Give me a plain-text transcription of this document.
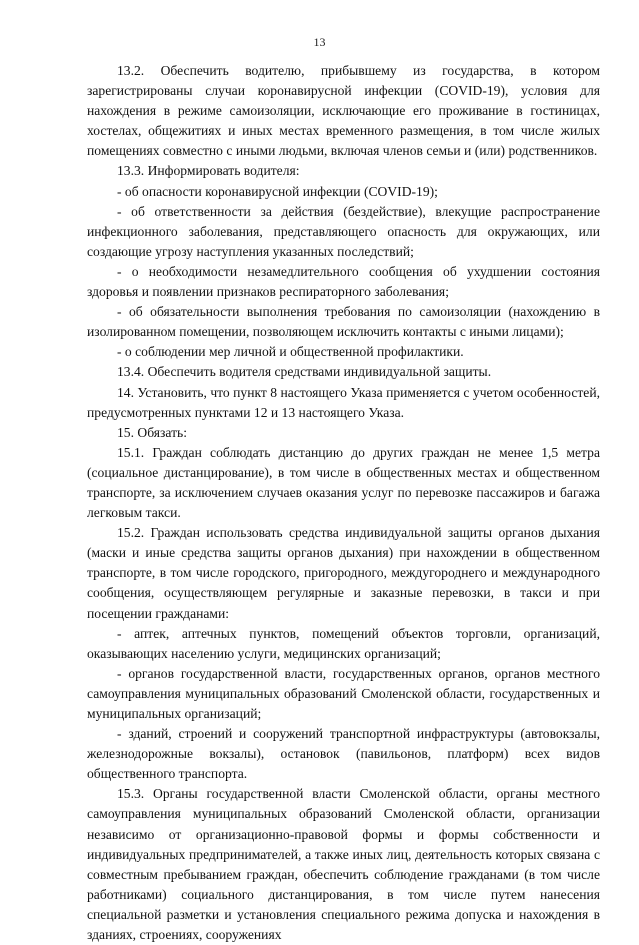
13

13.2. Обеспечить водителю, прибывшему из государства, в котором зарегистрированы случаи коронавирусной инфекции (COVID-19), условия для нахождения в режиме самоизоляции, исключающие его проживание в гостиницах, хостелах, общежитиях и иных местах временного размещения, в том числе жилых помещениях совместно с иными людьми, включая членов семьи и (или) родственников.

13.3. Информировать водителя:

- об опасности коронавирусной инфекции (COVID-19);

- об ответственности за действия (бездействие), влекущие распространение инфекционного заболевания, представляющего опасность для окружающих, или создающие угрозу наступления указанных последствий;

- о необходимости незамедлительного сообщения об ухудшении состояния здоровья и появлении признаков респираторного заболевания;

- об обязательности выполнения требования по самоизоляции (нахождению в изолированном помещении, позволяющем исключить контакты с иными лицами);

- о соблюдении мер личной и общественной профилактики.

13.4. Обеспечить водителя средствами индивидуальной защиты.

14. Установить, что пункт 8 настоящего Указа применяется с учетом особенностей, предусмотренных пунктами 12 и 13 настоящего Указа.

15. Обязать:

15.1. Граждан соблюдать дистанцию до других граждан не менее 1,5 метра (социальное дистанцирование), в том числе в общественных местах и общественном транспорте, за исключением случаев оказания услуг по перевозке пассажиров и багажа легковым такси.

15.2. Граждан использовать средства индивидуальной защиты органов дыхания (маски и иные средства защиты органов дыхания) при нахождении в общественном транспорте, в том числе городского, пригородного, междугороднего и международного сообщения, осуществляющем регулярные и заказные перевозки, в такси и при посещении гражданами:

- аптек, аптечных пунктов, помещений объектов торговли, организаций, оказывающих населению услуги, медицинских организаций;

- органов государственной власти, государственных органов, органов местного самоуправления муниципальных образований Смоленской области, государственных и муниципальных организаций;

- зданий, строений и сооружений транспортной инфраструктуры (автовокзалы, железнодорожные вокзалы), остановок (павильонов, платформ) всех видов общественного транспорта.

15.3. Органы государственной власти Смоленской области, органы местного самоуправления муниципальных образований Смоленской области, организации независимо от организационно-правовой формы и формы собственности и индивидуальных предпринимателей, а также иных лиц, деятельность которых связана с совместным пребыванием граждан, обеспечить соблюдение гражданами (в том числе работниками) социального дистанцирования, в том числе путем нанесения специальной разметки и установления специального режима допуска и нахождения в зданиях, строениях, сооружениях
